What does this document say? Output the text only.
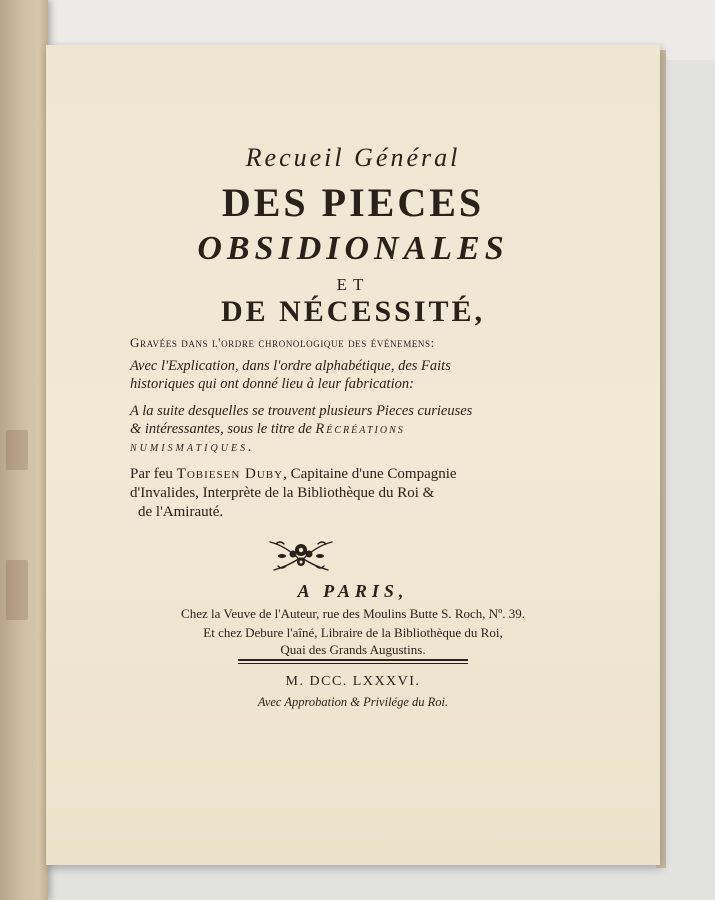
Recueil Général
DES PIECES
OBSIDIONALES
ET
DE NÉCESSITÉ,
Gravées dans l'ordre chronologique des événemens:
Avec l'Explication, dans l'ordre alphabétique, des Faits
historiques qui ont donné lieu à leur fabrication:
A la suite desquelles se trouvent plusieurs Pieces curieuses
& intéressantes, sous le titre de Récréations
numismatiques.
Par feu Tobiesen Duby, Capitaine d'une Compagnie
d'Invalides, Interprète de la Bibliothèque du Roi &
de l'Amirauté.
A PARIS,
Chez la Veuve de l'Auteur, rue des Moulins Butte S. Roch, Nº. 39.
Et chez Debure l'aîné, Libraire de la Bibliothèque du Roi,
Quai des Grands Augustins.
M. DCC. LXXXVI.
Avec Approbation & Privilége du Roi.
